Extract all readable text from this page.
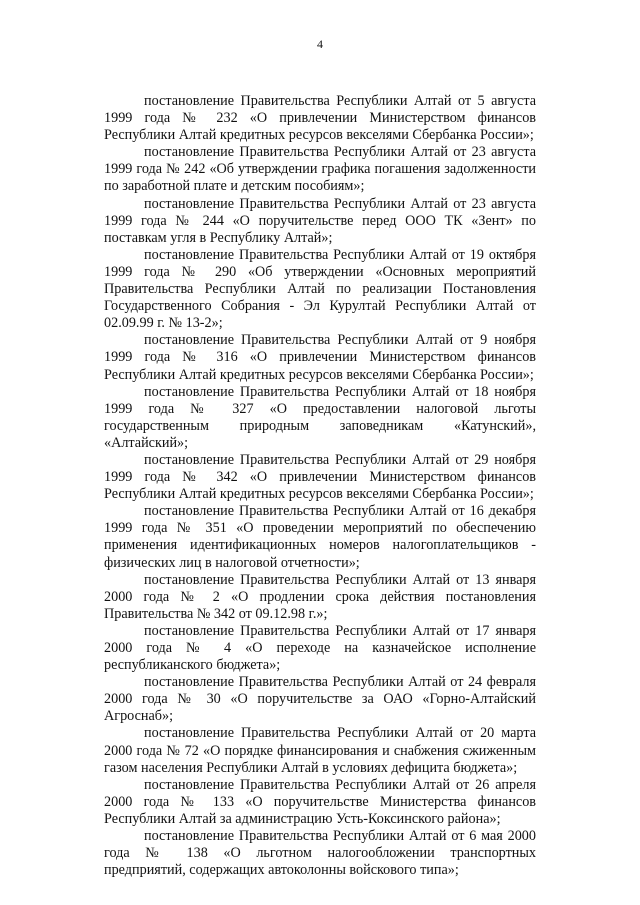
4

постановление Правительства Республики Алтай от 5 августа 1999 года № 232 «О привлечении Министерством финансов Республики Алтай кредитных ресурсов векселями Сбербанка России»;

постановление Правительства Республики Алтай от 23 августа 1999 года № 242 «Об утверждении графика погашения задолженности по заработной плате и детским пособиям»;

постановление Правительства Республики Алтай от 23 августа 1999 года № 244 «О поручительстве перед ООО ТК «Зент» по поставкам угля в Республику Алтай»;

постановление Правительства Республики Алтай от 19 октября 1999 года № 290 «Об утверждении «Основных мероприятий Правительства Республики Алтай по реализации Постановления Государственного Собрания - Эл Курултай Республики Алтай от 02.09.99 г. № 13-2»;

постановление Правительства Республики Алтай от 9 ноября 1999 года № 316 «О привлечении Министерством финансов Республики Алтай кредитных ресурсов векселями Сбербанка России»;

постановление Правительства Республики Алтай от 18 ноября 1999 года № 327 «О предоставлении налоговой льготы государственным природным заповедникам «Катунский», «Алтайский»;

постановление Правительства Республики Алтай от 29 ноября 1999 года № 342 «О привлечении Министерством финансов Республики Алтай кредитных ресурсов векселями Сбербанка России»;

постановление Правительства Республики Алтай от 16 декабря 1999 года № 351 «О проведении мероприятий по обеспечению применения идентификационных номеров налогоплательщиков - физических лиц в налоговой отчетности»;

постановление Правительства Республики Алтай от 13 января 2000 года № 2 «О продлении срока действия постановления Правительства № 342 от 09.12.98 г.»;

постановление Правительства Республики Алтай от 17 января 2000 года № 4 «О переходе на казначейское исполнение республиканского бюджета»;

постановление Правительства Республики Алтай от 24 февраля 2000 года № 30 «О поручительстве за ОАО «Горно-Алтайский Агроснаб»;

постановление Правительства Республики Алтай от 20 марта 2000 года № 72 «О порядке финансирования и снабжения сжиженным газом населения Республики Алтай в условиях дефицита бюджета»;

постановление Правительства Республики Алтай от 26 апреля 2000 года № 133 «О поручительстве Министерства финансов Республики Алтай за администрацию Усть-Коксинского района»;

постановление Правительства Республики Алтай от 6 мая 2000 года № 138 «О льготном налогообложении транспортных предприятий, содержащих автоколонны войскового типа»;
